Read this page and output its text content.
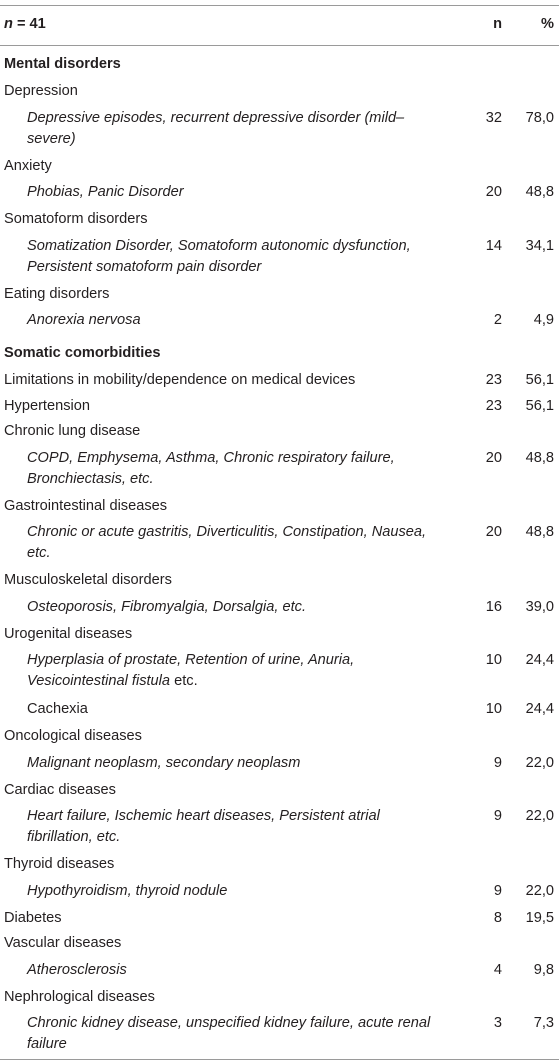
n = 41	n	%
Mental disorders		
Depression		
Depressive episodes, recurrent depressive disorder (mild–severe)	32	78,0
Anxiety		
Phobias, Panic Disorder	20	48,8
Somatoform disorders		
Somatization Disorder, Somatoform autonomic dysfunction, Persistent somatoform pain disorder	14	34,1
Eating disorders		
Anorexia nervosa	2	4,9
Somatic comorbidities		
Limitations in mobility/dependence on medical devices	23	56,1
Hypertension	23	56,1
Chronic lung disease		
COPD, Emphysema, Asthma, Chronic respiratory failure, Bronchiectasis, etc.	20	48,8
Gastrointestinal diseases		
Chronic or acute gastritis, Diverticulitis, Constipation, Nausea, etc.	20	48,8
Musculoskeletal disorders		
Osteoporosis, Fibromyalgia, Dorsalgia, etc.	16	39,0
Urogenital diseases		
Hyperplasia of prostate, Retention of urine, Anuria, Vesicointestinal fistula etc.	10	24,4
Cachexia	10	24,4
Oncological diseases		
Malignant neoplasm, secondary neoplasm	9	22,0
Cardiac diseases		
Heart failure, Ischemic heart diseases, Persistent atrial fibrillation, etc.	9	22,0
Thyroid diseases		
Hypothyroidism, thyroid nodule	9	22,0
Diabetes	8	19,5
Vascular diseases		
Atherosclerosis	4	9,8
Nephrological diseases		
Chronic kidney disease, unspecified kidney failure, acute renal failure	3	7,3
